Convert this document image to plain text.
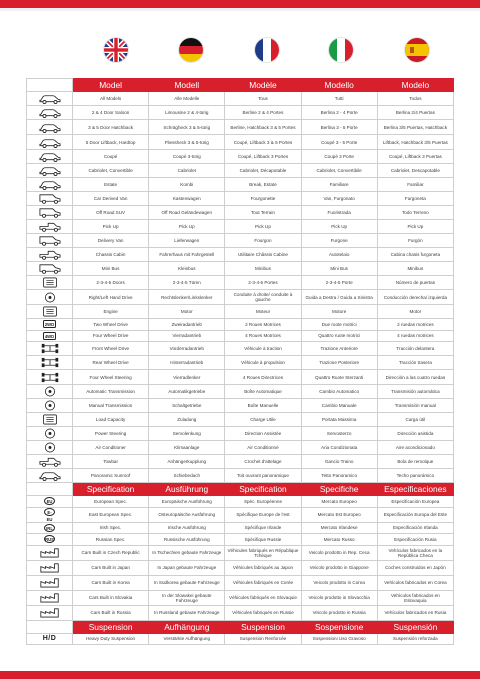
	Model	Modell	Modèle	Modello	Modelo

	All Models	Alle Modelle	Tous	Tutti	Todos

	2 & 4 Door Saloon	Limousine 2 & 4-türig	Berline 2 & 4 Portes	Berlina 2 - 4 Porte	Berlina 2/4 Puertas

	3 & 5 Door Hatchback	Schrägheck 3 & 5-türig	Berline, Hatchback 3 & 5 Portes	Berlina 3 - 5 Porte	Berlina 3/5 Puertas, Hatchback

	5 Door Liftback, Hardtop	Fliessheck 3 & 5-türig	Coupé, Liftback 3 & 5 Portes	Coupé 3 - 5 Porte	Liftback, Hatchback 3/5 Puertas

	Coupé	Coupé 3-türig	Coupé, Liftback 3 Portes	Coupé 3 Porte	Coupé, Liftback 3 Puertas

	Cabriolet, Convertible	Cabriolet	Cabriolet, Décapotable	Cabriolet, Convertibile	Cabriolet, Descapotable

	Estate	Kombi	Break, Estate	Familiare	Familiar

	Car Derived Van	Kastenwagen	Fourgonette	Van, Furgonato	Furgoneta

	Off Road SUV	Off Road Geländewagen	Tout Terrain	Fuoristrada	Todo Terreno

	Pick Up	Pick Up	Pick Up	Pick Up	Pick Up

	Delivery Van	Lieferwagen	Fourgon	Furgone	Furgón

	Chassis Cabin	Fahrerhaus mit Fahrgestell	Utilitaire Châssis Cabine	Autotelaio	Cabina chasis furgoneta

	Mini Bus	Kleinbus	Minibus	Mini Bus	Minibus

	2-3-4-5 Doors	2-3-4-5 Türen	2-3-4-5 Portes	2-3-4-5 Porte	Número de puertas

	Right/Left Hand Drive	Rechtslenker/Linkslenker	Conduite à droite/ conduite à gauche	Guida a Destra / Guida a Sinistra	Conducción derecha/ izquierda

	Engine	Motor	Moteur	Motore	Motor
2WD	Two Wheel Drive	Zweiradantrieb	2 Roues Motrices	Due ruote motrici	2 ruedas motrices
4WD	Four Wheel Drive	Vierradantrieb	4 Roues Motrices	Quattro ruote motrici	4 ruedas motrices

	Front Wheel Drive	Vorderradantrieb	Véhicule à traction	Trazione Anteriore	Tracción delantera

	Rear Wheel Drive	Hinterradantrieb	Véhicule à propulsion	Trazione Posteriore	Tracción trasera

	Four Wheel Steering	Vierradlenker	4 Roues Directrices	Quattro Ruote Sterzanti	Dirección a las cuatro ruedas

	Automatic Transmission	Automatikgetriebe	Boîte Automatique	Cambio Automatico	Transmisión automática

	Manual Transmission	Schaltgetriebe	Boîte Manuelle	Cambio Manuale	Transmisión manual

	Load Capacity	Zuladung	Charge Utile	Portata Massima	Carga útil

	Power Steering	Servolenkung	Direction Assistée	Servosterzo	Dirección asistida

	Air Conditioner	Klimaanlage	Air Conditionné	Aria Condizionata	Aire acondicionado

	Towbar	Anhängerkupplung	Crochet d'attelage	Gancio Traino	Bola de remolque

	Panoramic Sunroof	Schiebedach	Toit ouvrant panoramique	Tetto Panoramico	Techo panorámico
	Specification	Ausführung	Specification	Specifiche	Especificaciones
EU	European Spec.	Europäische Ausführung	Spéc. Européenne	Mercato Europeo	Especificación Europea
E-EU	East European Spec.	Osteuropäische Ausführung	Spécifique Europe de l'est	Mercato Est Europeo	Especificación Europa del Este
IRL	Irish Spec.	Irische Ausführung	Spécifique Irlande	Mercato Irlandese	Especificación Irlanda
RUS	Russian Spec.	Russische Ausführung	Spécifique Russie	Mercato Russo	Especificación Rusia

	Cars Built in Czech Republic	In Tschechien gebaute Fahrzeuge	Véhicules fabriqués en République Tchèque	Veicolo prodotto in Rep. Ceca	Vehículos fabricados en la República Checa

	Cars Built in Japan	In Japan gebaute Fahrzeuge	Véhicules fabriqués au Japon	Veicolo prodotto in Giappone	Coches construidos en Japón

	Cars Built in Korea	In Südkorea gebaute Fahrzeuge	Véhicules fabriqués en Corée	Veicolo prodotto in Corea	Vehículos fabricados en Corea

	Cars Built in Slovakia	In der Slowakei gebaute Fahrzeuge	Véhicules fabriqués en Slovaquie	Veicolo prodotto in Slovacchia	Vehículos fabricados en Eslovaquia

	Cars Built in Russia	In Russland gebaute Fahrzeuge	Véhicules fabriqués en Russie	Veicolo prodotto in Russia	Vehículos fabricados en Rusia
	Suspension	Aufhängung	Suspension	Sospensione	Suspensión
H/D	Heavy Duty Suspension	Verstärkte Aufhängung	Suspension Renforcée	Sospensioni Uso Gravoso	Suspensión reforzada
